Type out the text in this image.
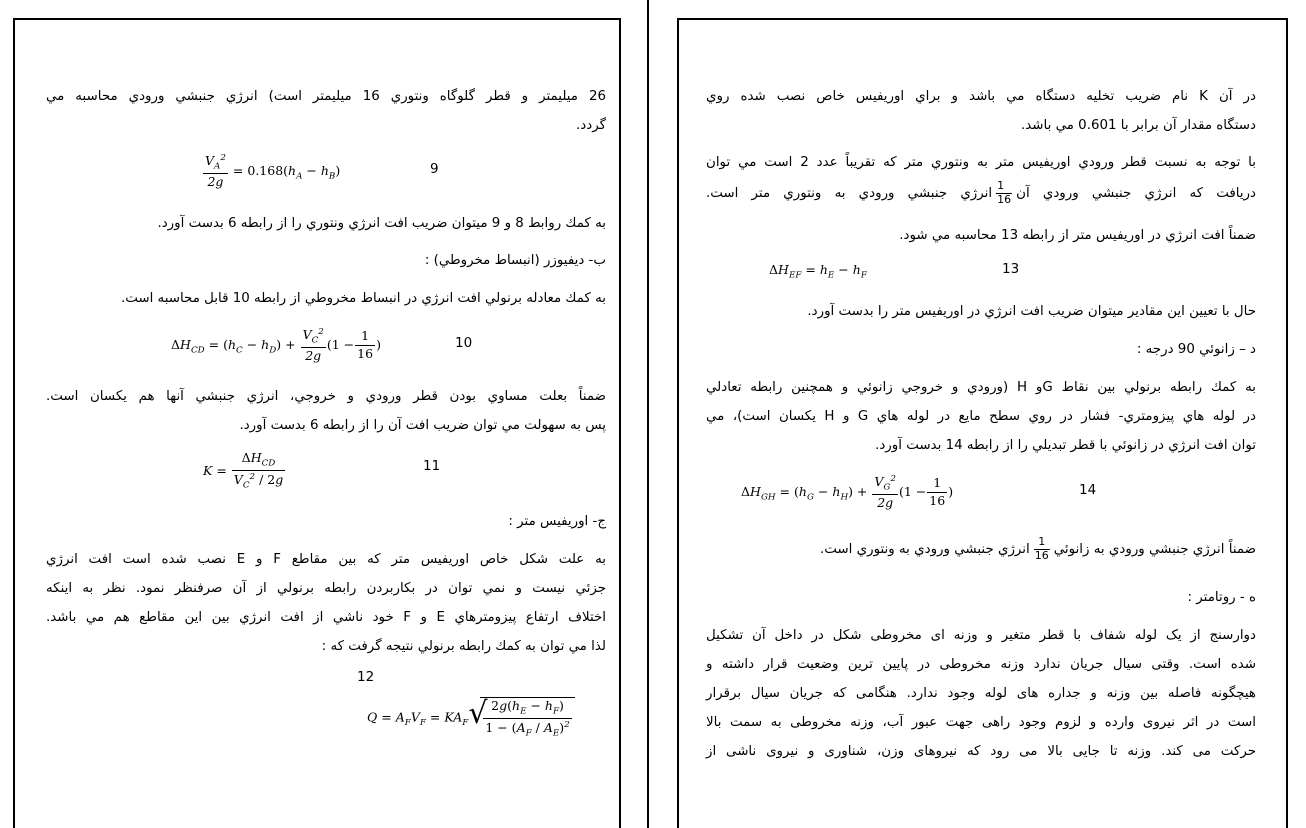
26 ميليمتر و قطر گلوگاه ونتوري 16 ميليمتر است) انرژي جنبشي ورودي محاسبه مي
گردد.
$\frac{V_A^2}{2g} = 0.168(h_A - h_B)$	9
به كمك روابط 8 و 9 ميتوان ضريب افت انرژي ونتوري را از رابطه 6 بدست آورد.
ب- ديفيوزر (انبساط مخروطي) :
به كمك معادله برنولي افت انرژي در انبساط مخروطي از رابطه 10 قابل محاسبه است.
$\Delta H_{CD} = (h_C - h_D) + \frac{V_C^2}{2g} (1 - \frac{1}{16}$ )	10
ضمناً بعلت مساوي بودن قطر ورودي و خروجي، انرژي جنبشي آنها هم يكسان است.
پس به سهولت مي توان ضريب افت آن را از رابطه 6 بدست آورد.
$K = \frac{\Delta H_{CD}}{V_C^2 / 2g}$	11
ج- اوريفيس متر :
به علت شكل خاص اوريفيس متر كه بين مقاطع F و E نصب شده است افت انرژي
جزئي نيست و نمي توان در بكاربردن رابطه برنولي از آن صرفنظر نمود. نظر به اينكه
اختلاف ارتفاع پيزومترهاي E و F خود ناشي از افت انرژي بين اين مقاطع هم مي باشد.
لذا مي توان به كمك رابطه برنولي نتيجه گرفت كه :
12
$Q = A_FV_F = KA_F$ √
$\frac{2g(h_E - h_F)}{1 - (A_F / A_E)^2}$
در آن K نام ضريب تخليه دستگاه مي باشد و براي اوريفيس خاص نصب شده روي
دستگاه مقدار آن برابر با 0.601 مي باشد.
با توجه به نسبت قطر ورودي اوريفيس متر به ونتوري متر كه تقريباً عدد 2 است مي توان
دريافت كه انرژي جنبشي ورودي آن
$\frac{1}{16}$
انرژي جنبشي ورودي به ونتوري متر است.
ضمناً افت انرژي در اوريفيس متر از رابطه 13 محاسبه مي شود.
$\Delta H_{EF} = h_E - h_F$	13
حال با تعيين اين مقادير ميتوان ضريب افت انرژي در اوريفيس متر را بدست آورد.
د – زانوئي 90 درجه :
به كمك رابطه برنولي بين نقاط Gو H (ورودي و خروجي زانوئي و همچنين رابطه تعادلي
در لوله هاي پيزومتري- فشار در روي سطح مايع در لوله هاي G و H يكسان است)، مي
توان افت انرژي در زانوئي با قطر تبديلي را از رابطه 14 بدست آورد.
$\Delta H_{GH} = (h_G - h_H) + \frac{V_G^2}{2g} (1 - \frac{1}{16}$ )	14
ضمناً انرژي جنبشي ورودي به زانوئي
$\frac{1}{16}$
انرژي جنبشي ورودي به ونتوري است.
ه - روتامتر :
دوارسنج از یک لوله شفاف با قطر متغیر و وزنه ای مخروطی شکل در داخل آن تشکیل
شده است. وقتی سیال جریان ندارد وزنه مخروطی در پایین ترین وضعیت قرار داشته و
هیچگونه فاصله بین وزنه و جداره های لوله وجود ندارد. هنگامی که جریان سیال برقرار
است در اثر نیروی وارده و لزوم وجود راهی جهت عبور آب، وزنه مخروطی به سمت بالا
حرکت می کند. وزنه تا جایی بالا می رود که نیروهای وزن، شناوری و نیروی ناشی از
